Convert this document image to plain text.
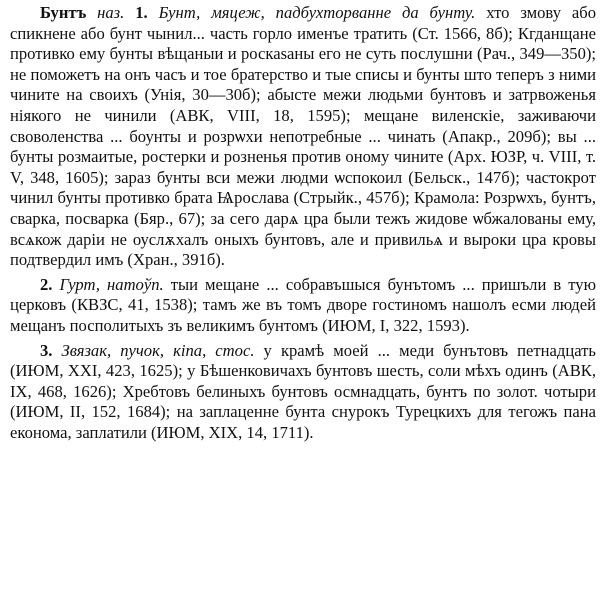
Бунтъ наз. 1. Бунт, мяцеж, падбухторванне да бунту. хто змову або спикнене або бунт чынил... часть горло именъе тратить (Ст. 1566, 8б); Кгданщане противко ему бунты вѣщаныи и роскаѕаны его не суть послушни (Рач., 349—350); не поможетъ на онъ часъ и тое братерство и тые списы и бунты што теперъ з ними чините на своихъ (Унія, 30—30б); абысте межи людьми бунтовъ и затрвоженья нiякого не чинили (АВК, VIII, 18, 1595); мещане виленскіе, заживаючи своволенства ... боунты и розрѡхи непотребные ... чинать (Апакр., 209б); вы ... бунты розмаитые, ростерки и розненья против оному чините (Арх. ЮЗР, ч. VIII, т. V, 348, 1605); зараз бунты вси межи людми ѡспокоил (Бельск., 147б); частокрот чинил бунты противко брата Ѩрослава (Стрыйк., 457б); Крамола: Розрѡхъ, бунтъ, сварка, посварка (Бяр., 67); за сего дарѧ цра были тежъ жидове ѡбжалованы ему, всѧкож дарiи не оуслѫхалъ оныхъ бунтовъ, але и привильѧ и выроки цра кровы подтвердил имъ (Хран., 391б).

2. Гурт, натоўп. тыи мещане ... собравъшыся бунътомъ ... пришъли в тую церковъ (КВЗС, 41, 1538); тамъ же въ томъ дворе гостиномъ нашолъ есми людей мещанъ посполитыхъ зъ великимъ бунтомъ (ИЮМ, I, 322, 1593).

3. Звязак, пучок, кіпа, стос. у крамѣ моей ... меди бунътовъ петнадцать (ИЮМ, XXI, 423, 1625); у Бѣшенковичахъ бунтовъ шесть, соли мѣхъ одинъ (АВК, IX, 468, 1626); Хребтовъ белиныхъ бунтовъ осмнадцать, бунтъ по золот. чотыри (ИЮМ, II, 152, 1684); на заплаценне бунта снурокъ Турецкихъ для тегожъ пана економа, заплатили (ИЮМ, XIX, 14, 1711).
